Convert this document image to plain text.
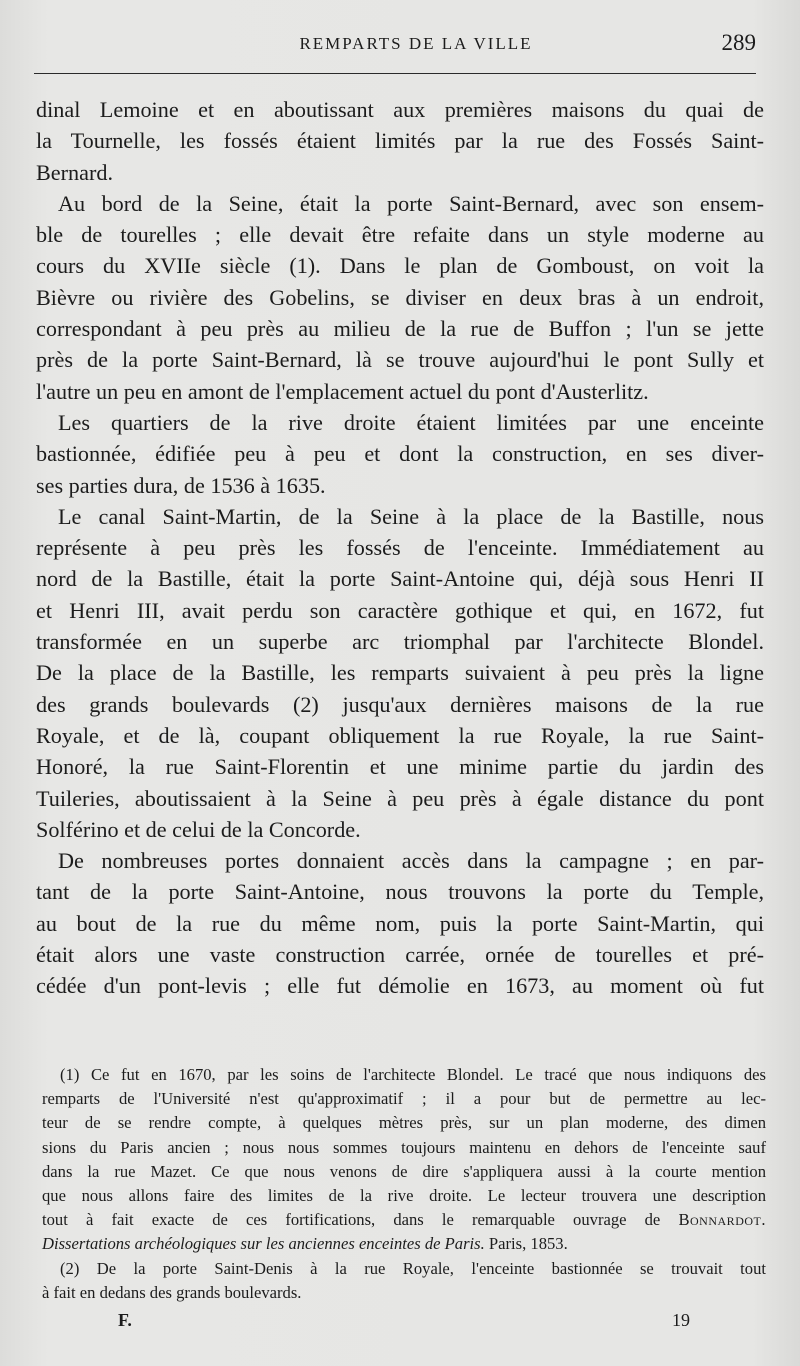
REMPARTS DE LA VILLE	289
dinal Lemoine et en aboutissant aux premières maisons du quai de
la Tournelle, les fossés étaient limités par la rue des Fossés Saint-
Bernard.
Au bord de la Seine, était la porte Saint-Bernard, avec son ensem-
ble de tourelles ; elle devait être refaite dans un style moderne au
cours du XVIIe siècle (1). Dans le plan de Gomboust, on voit la
Bièvre ou rivière des Gobelins, se diviser en deux bras à un endroit,
correspondant à peu près au milieu de la rue de Buffon ; l'un se jette
près de la porte Saint-Bernard, là se trouve aujourd'hui le pont Sully et
l'autre un peu en amont de l'emplacement actuel du pont d'Austerlitz.
Les quartiers de la rive droite étaient limitées par une enceinte
bastionnée, édifiée peu à peu et dont la construction, en ses diver-
ses parties dura, de 1536 à 1635.
Le canal Saint-Martin, de la Seine à la place de la Bastille, nous
représente à peu près les fossés de l'enceinte. Immédiatement au
nord de la Bastille, était la porte Saint-Antoine qui, déjà sous Henri II
et Henri III, avait perdu son caractère gothique et qui, en 1672, fut
transformée en un superbe arc triomphal par l'architecte Blondel.
De la place de la Bastille, les remparts suivaient à peu près la ligne
des grands boulevards (2) jusqu'aux dernières maisons de la rue
Royale, et de là, coupant obliquement la rue Royale, la rue Saint-
Honoré, la rue Saint-Florentin et une minime partie du jardin des
Tuileries, aboutissaient à la Seine à peu près à égale distance du pont
Solférino et de celui de la Concorde.
De nombreuses portes donnaient accès dans la campagne ; en par-
tant de la porte Saint-Antoine, nous trouvons la porte du Temple,
au bout de la rue du même nom, puis la porte Saint-Martin, qui
était alors une vaste construction carrée, ornée de tourelles et pré-
cédée d'un pont-levis ; elle fut démolie en 1673, au moment où fut
(1) Ce fut en 1670, par les soins de l'architecte Blondel. Le tracé que nous indiquons des
remparts de l'Université n'est qu'approximatif ; il a pour but de permettre au lec-
teur de se rendre compte, à quelques mètres près, sur un plan moderne, des dimen
sions du Paris ancien ; nous nous sommes toujours maintenu en dehors de l'enceinte sauf
dans la rue Mazet. Ce que nous venons de dire s'appliquera aussi à la courte mention
que nous allons faire des limites de la rive droite. Le lecteur trouvera une description
tout à fait exacte de ces fortifications, dans le remarquable ouvrage de Bonnardot.
Dissertations archéologiques sur les anciennes enceintes de Paris. Paris, 1853.
(2) De la porte Saint-Denis à la rue Royale, l'enceinte bastionnée se trouvait tout
à fait en dedans des grands boulevards.
F.	19
